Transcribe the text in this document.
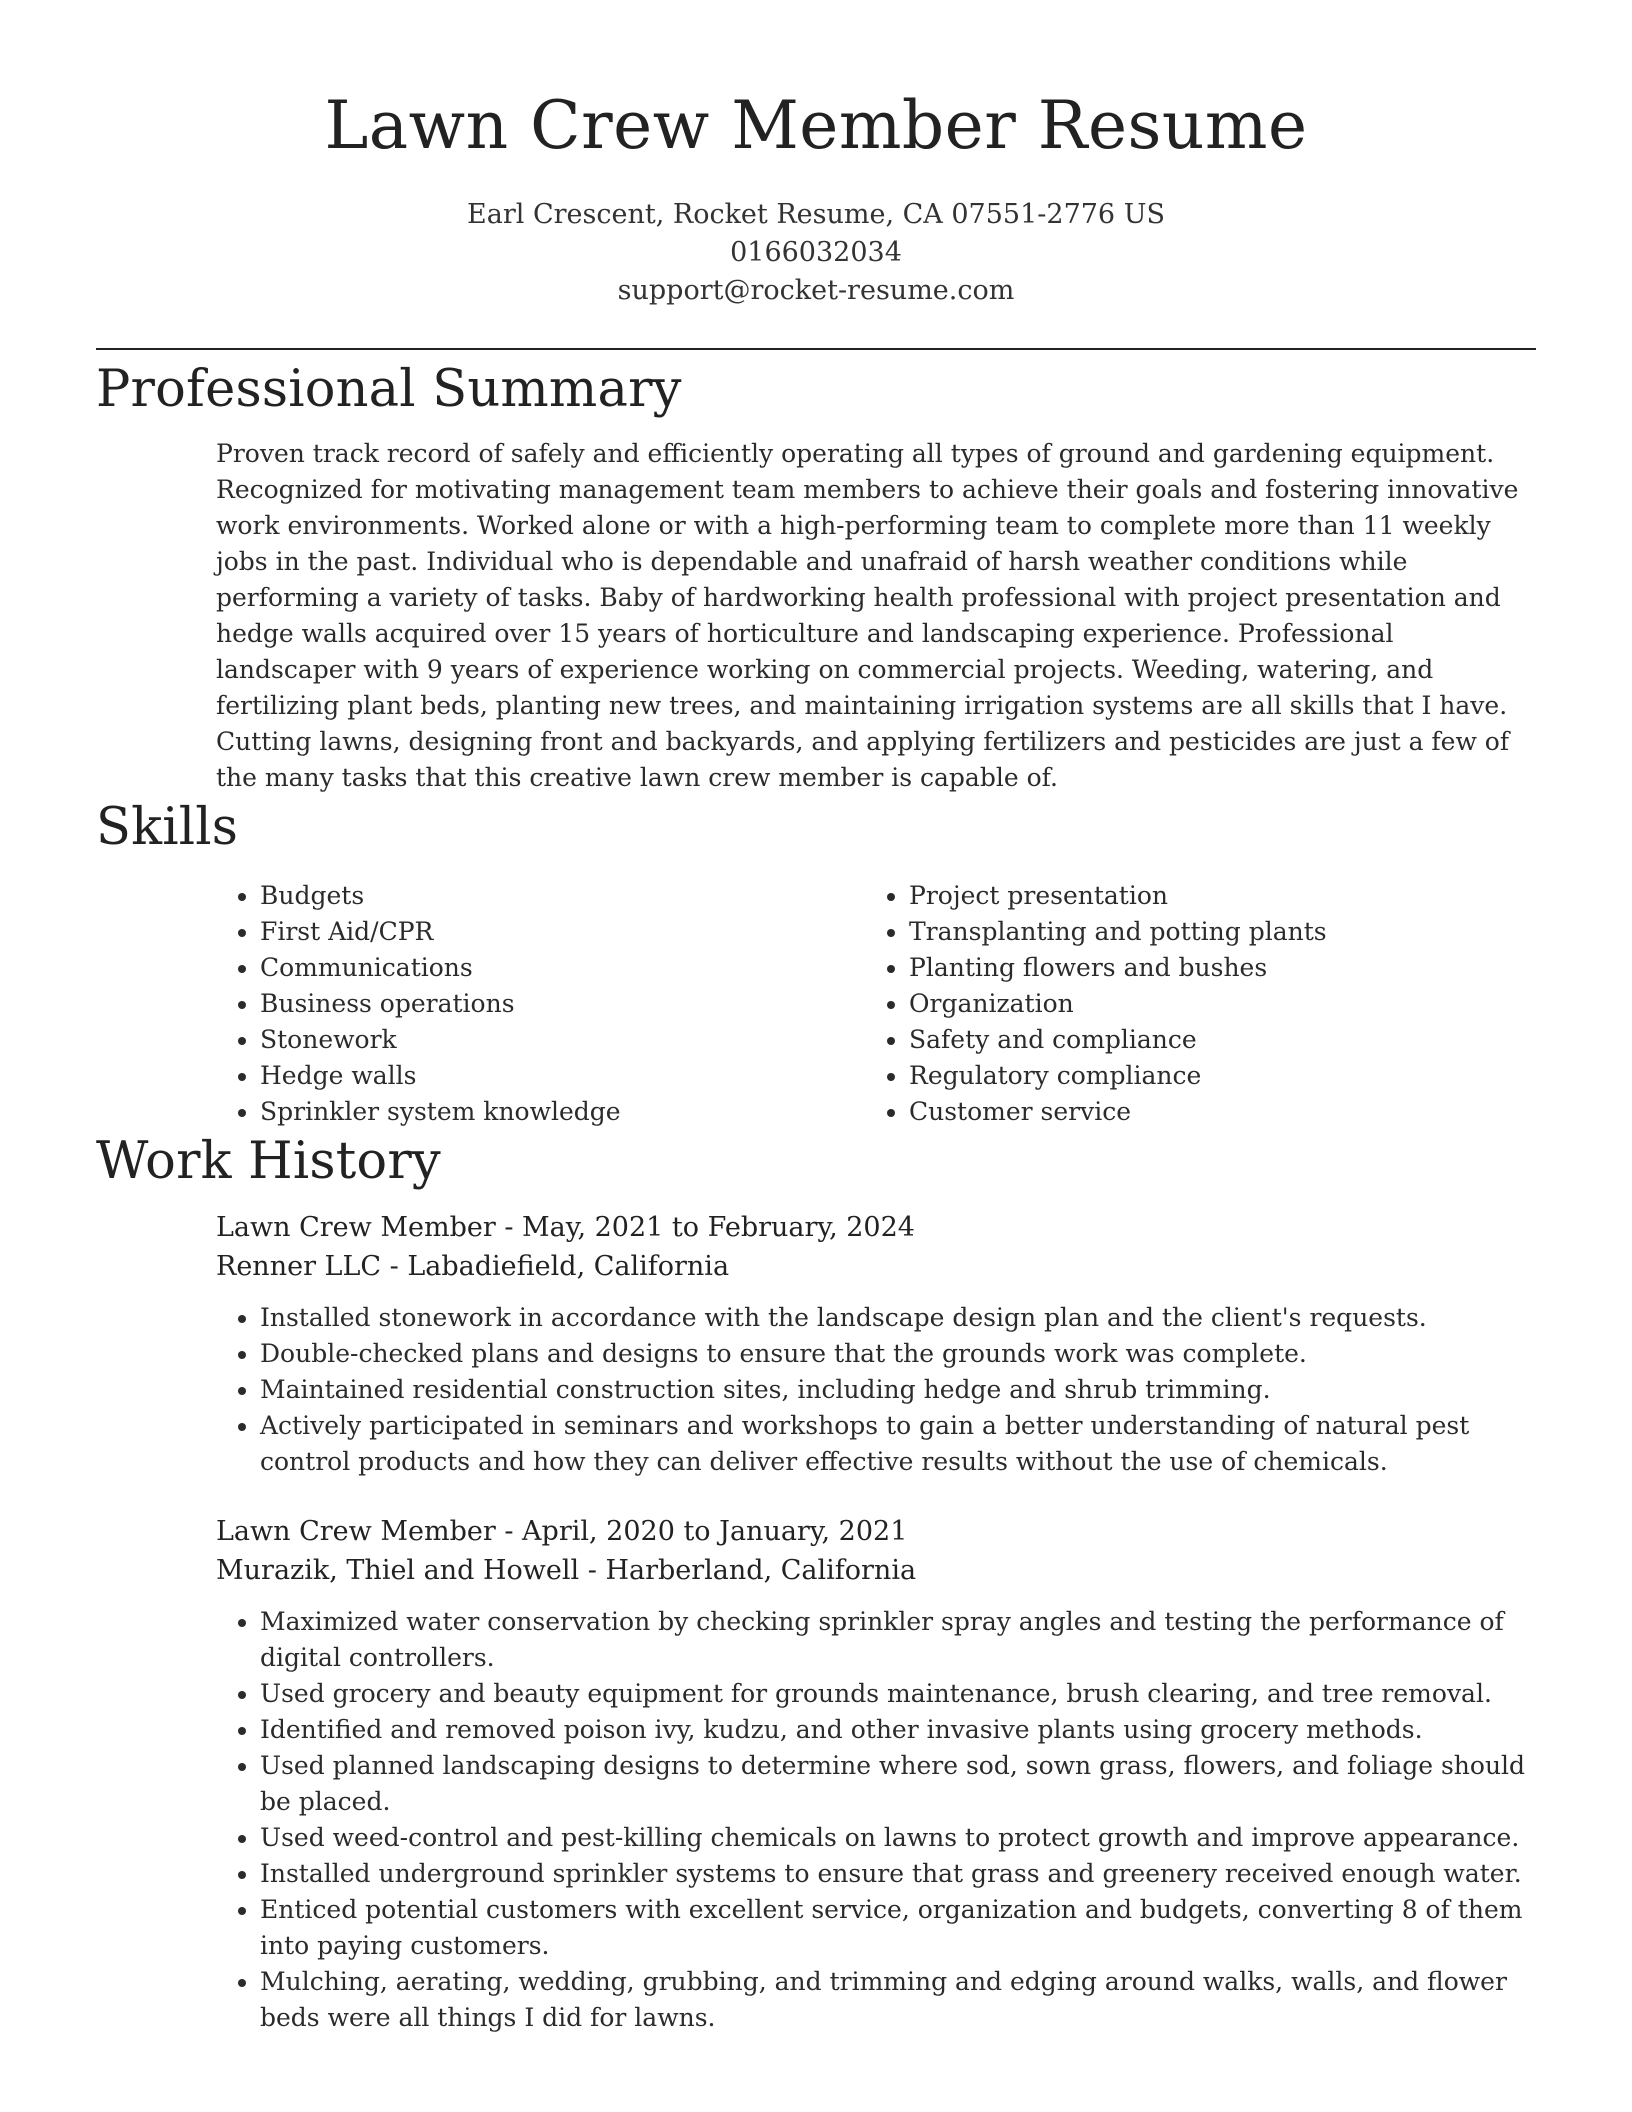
Lawn Crew Member Resume
Earl Crescent, Rocket Resume, CA 07551-2776 US
0166032034
support@rocket-resume.com
Professional Summary

Proven track record of safely and efficiently operating all types of ground and gardening equipment. Recognized for motivating management team members to achieve their goals and fostering innovative work environments. Worked alone or with a high-performing team to complete more than 11 weekly jobs in the past. Individual who is dependable and unafraid of harsh weather conditions while performing a variety of tasks. Baby of hardworking health professional with project presentation and hedge walls acquired over 15 years of horticulture and landscaping experience. Professional landscaper with 9 years of experience working on commercial projects. Weeding, watering, and fertilizing plant beds, planting new trees, and maintaining irrigation systems are all skills that I have. Cutting lawns, designing front and backyards, and applying fertilizers and pesticides are just a few of the many tasks that this creative lawn crew member is capable of.

Skills
• Budgets
• First Aid/CPR
• Communications
• Business operations
• Stonework
• Hedge walls
• Sprinkler system knowledge
• Project presentation
• Transplanting and potting plants
• Planting flowers and bushes
• Organization
• Safety and compliance
• Regulatory compliance
• Customer service
Work History
Lawn Crew Member - May, 2021 to February, 2024
Renner LLC - Labadiefield, California
• Installed stonework in accordance with the landscape design plan and the client's requests.
• Double-checked plans and designs to ensure that the grounds work was complete.
• Maintained residential construction sites, including hedge and shrub trimming.
• Actively participated in seminars and workshops to gain a better understanding of natural pest control products and how they can deliver effective results without the use of chemicals.
Lawn Crew Member - April, 2020 to January, 2021
Murazik, Thiel and Howell - Harberland, California
• Maximized water conservation by checking sprinkler spray angles and testing the performance of digital controllers.
• Used grocery and beauty equipment for grounds maintenance, brush clearing, and tree removal.
• Identified and removed poison ivy, kudzu, and other invasive plants using grocery methods.
• Used planned landscaping designs to determine where sod, sown grass, flowers, and foliage should be placed.
• Used weed-control and pest-killing chemicals on lawns to protect growth and improve appearance.
• Installed underground sprinkler systems to ensure that grass and greenery received enough water.
• Enticed potential customers with excellent service, organization and budgets, converting 8 of them into paying customers.
• Mulching, aerating, wedding, grubbing, and trimming and edging around walks, walls, and flower beds were all things I did for lawns.
